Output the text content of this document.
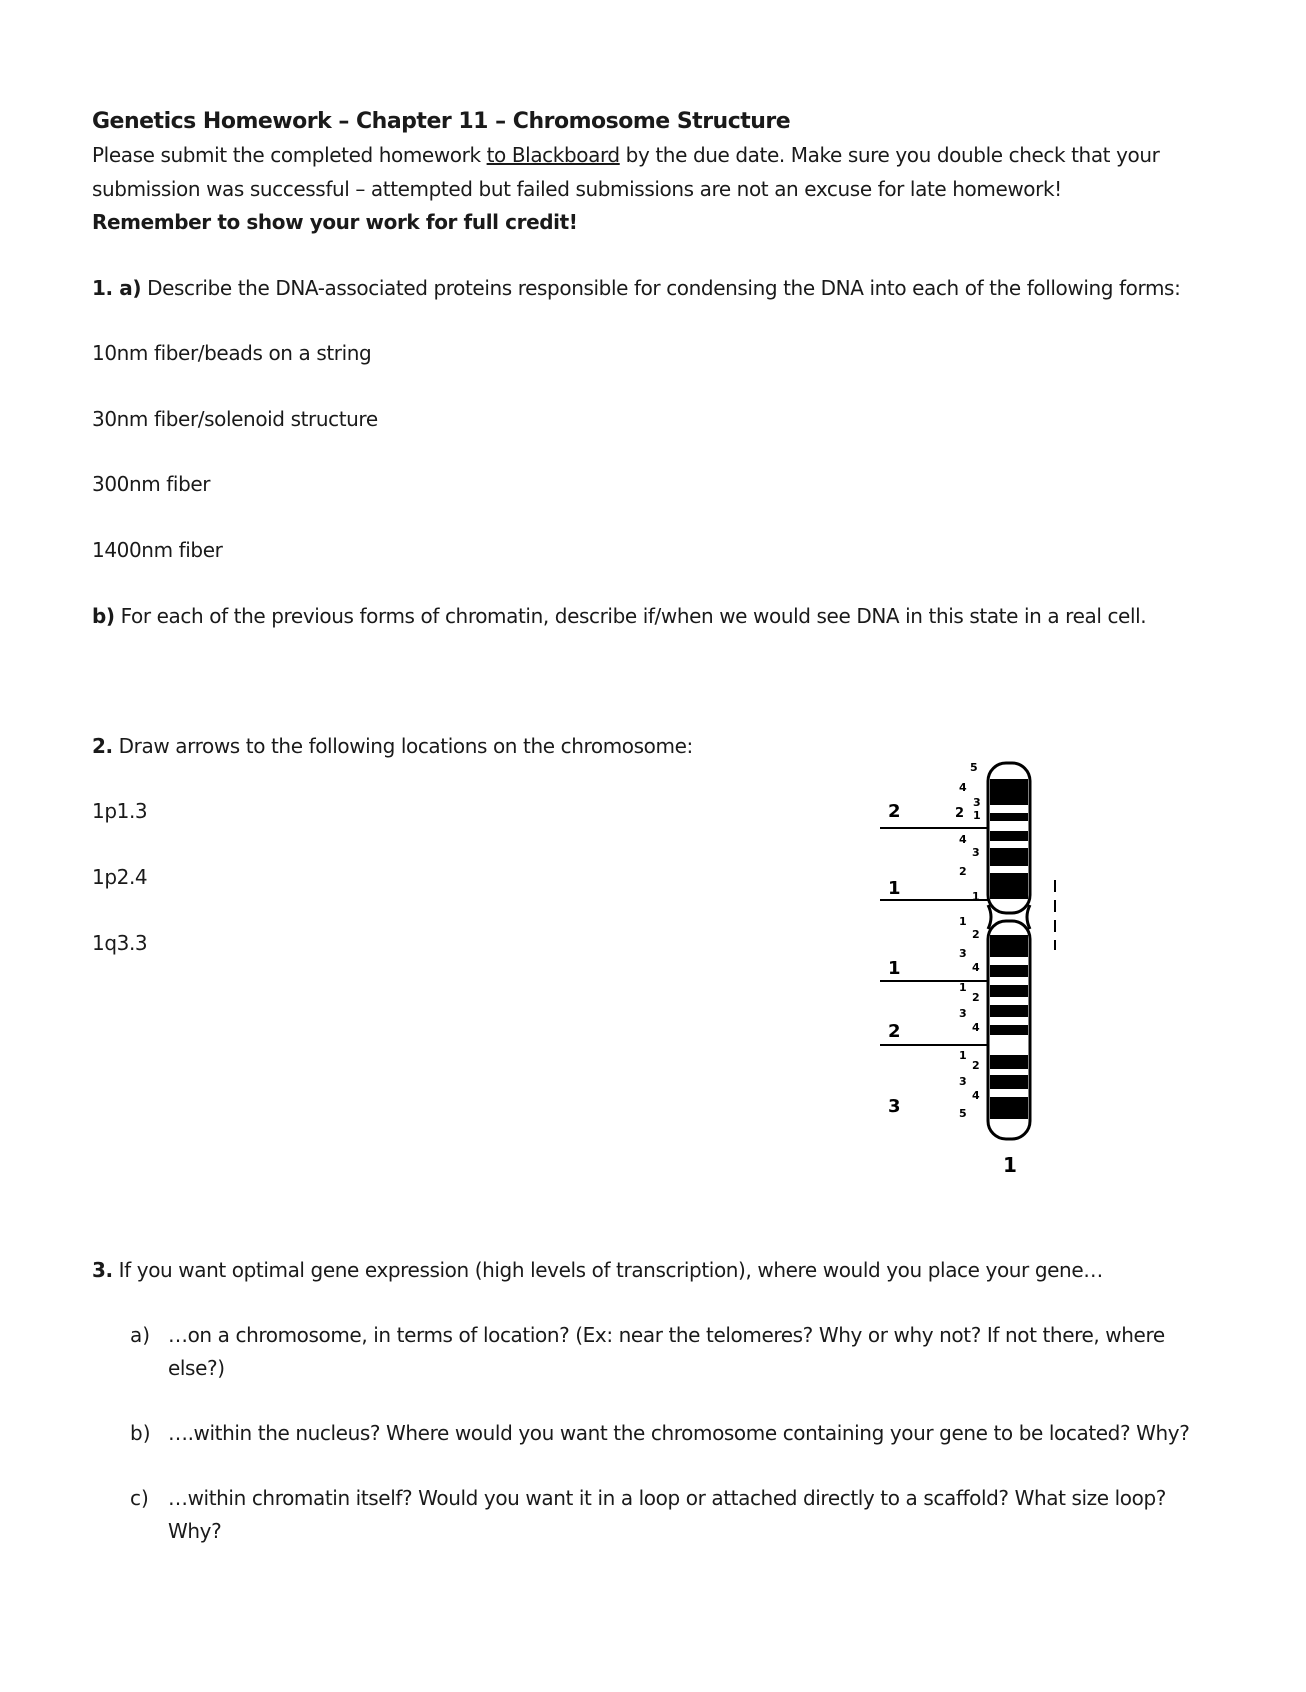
Genetics Homework – Chapter 11 – Chromosome Structure
Please submit the completed homework to Blackboard by the due date. Make sure you double check that your
submission was successful – attempted but failed submissions are not an excuse for late homework!
Remember to show your work for full credit!
1. a) Describe the DNA-associated proteins responsible for condensing the DNA into each of the following forms:
10nm fiber/beads on a string
30nm fiber/solenoid structure
300nm fiber
1400nm fiber
b) For each of the previous forms of chromatin, describe if/when we would see DNA in this state in a real cell.
2. Draw arrows to the following locations on the chromosome:
1p1.3
1p2.4
1q3.3
2
1
1
2
3
5
4
2
3
1
4
3
2
1
1
2
3
4
1
2
3
4
1
2
3
4
5
1
3. If you want optimal gene expression (high levels of transcription), where would you place your gene…
a) …on a chromosome, in terms of location? (Ex: near the telomeres? Why or why not? If not there, where
else?)
b) ….within the nucleus? Where would you want the chromosome containing your gene to be located? Why?
c) …within chromatin itself? Would you want it in a loop or attached directly to a scaffold? What size loop?
Why?
